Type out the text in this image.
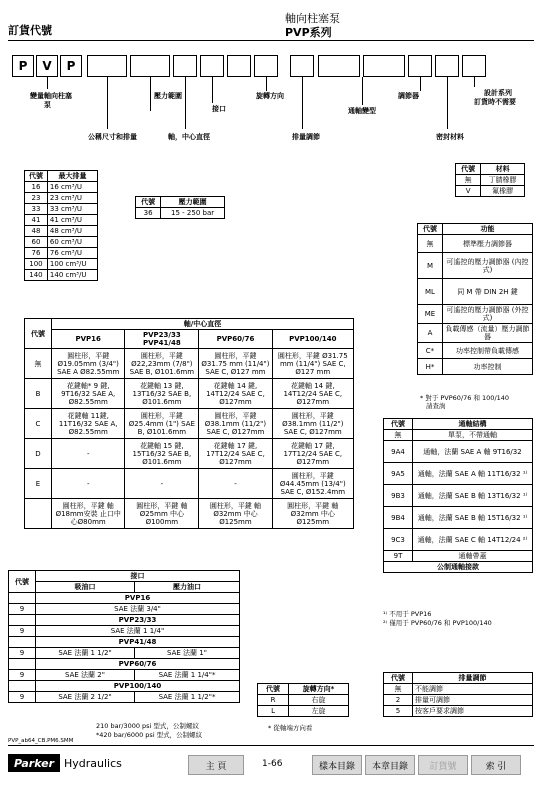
訂貨代號
軸向柱塞泵
PVP系列
P	V	P
變量軸向柱塞
泵
公稱尺寸和排量
壓力範圍
軸，中心直徑
接口
旋轉方向
排量調節
通軸變型
調節器	設計系列
訂貨時不需要
密封材料
代號	最大排量
16	16 cm³/U
23	23 cm³/U
33	33 cm³/U
41	41 cm³/U
48	48 cm³/U
60	60 cm³/U
76	76 cm³/U
100	100 cm³/U
140	140 cm³/U
代號	壓力範圍
36	15 - 250 bar
代號	材料
無	丁腈橡膠
V	氟橡膠
代號	功能
無	標準壓力調節器
M	可遙控的壓力調節器 (內控式)
ML	同 M 帶 DIN 2H 鍵
ME	可遙控的壓力調節器 (外控式)
A	負載傳感（流量）壓力調節器
C*	功率控制帶負載傳感
H*	功率控制
* 對于 PVP60/76 和 100/140
請查詢
代號	軸/中心直徑			
	PVP16	PVP23/33 PVP41/48	PVP60/76	PVP100/140
無	圓柱形，平鍵 Ø19.05mm (3/4") SAE A Ø82.55mm	圓柱形，平鍵 Ø22,23mm (7/8") SAE B, Ø101.6mm	圓柱形，平鍵 Ø31.75 mm (11/4") SAE C, Ø127 mm	圓柱形，平鍵 Ø31.75 mm (11/4") SAE C, Ø127 mm
B	花鍵軸* 9 鍵, 9T16/32 SAE A, Ø82.55mm	花鍵軸 13 鍵, 13T16/32 SAE B, Ø101.6mm	花鍵軸 14 鍵, 14T12/24 SAE C, Ø127mm	花鍵軸 14 鍵, 14T12/24 SAE C, Ø127mm
C	花鍵軸 11鍵, 11T16/32 SAE A, Ø82.55mm	圓柱形，平鍵 Ø25.4mm (1") SAE B, Ø101.6mm	圓柱形，平鍵 Ø38.1mm (11/2") SAE C, Ø127mm	圓柱形，平鍵 Ø38.1mm (11/2") SAE C, Ø127mm
D	-	花鍵軸 15 鍵, 15T16/32 SAE B, Ø101.6mm	花鍵軸 17 鍵, 17T12/24 SAE C, Ø127mm	花鍵軸 17 鍵, 17T12/24 SAE C, Ø127mm
E	-	-	-	圓柱形，平鍵 Ø44.45mm (13/4") SAE C, Ø152.4mm
	圓柱形，平鍵 軸 Ø18mm安裝 止口中心Ø80mm	圓柱形，平鍵 軸 Ø25mm 中心Ø100mm	圓柱形，平鍵 軸 Ø32mm 中心Ø125mm	圓柱形，平鍵 軸 Ø32mm 中心Ø125mm
代號	通軸結構
無	單泵，不帶通軸
9A4	通軸，法蘭 SAE A 軸 9T16/32
9A5	通軸，法蘭 SAE A 軸 11T16/32 ¹⁾
9B3	通軸，法蘭 SAE B 軸 13T16/32 ¹⁾
9B4	通軸，法蘭 SAE B 軸 15T16/32 ¹⁾
9C3	通軸，法蘭 SAE C 軸 14T12/24 ²⁾
9T	通軸帶蓋
公制通軸接款	
¹⁾ 不用于 PVP16
²⁾ 僅用于 PVP60/76 和 PVP100/140
代號	接口	
	吸油口	壓力油口
	PVP16	
9	SAE 法蘭 3/4"	
	PVP23/33	
9	SAE 法蘭 1 1/4"	
	PVP41/48	
9	SAE 法蘭 1 1/2"	SAE 法蘭 1"
	PVP60/76	
9	SAE 法蘭 2"	SAE 法蘭 1 1/4"*
	PVP100/140	
9	SAE 法蘭 2 1/2"	SAE 法蘭 1 1/2"*
210 bar/3000 psi 型式，公制螺紋
*420 bar/6000 psi 型式，公制螺紋
PVP_ab64_CB.PM6.SMM
代號	旋轉方向*
R	右旋
L	左旋
* 從軸端方向看
代號	排量調節
無	不能調節
2	排量可調節
5	按客戶要求調節
Parker Hydraulics	主 頁	1-66	樣本目錄	本章目錄	訂貨號	索 引
